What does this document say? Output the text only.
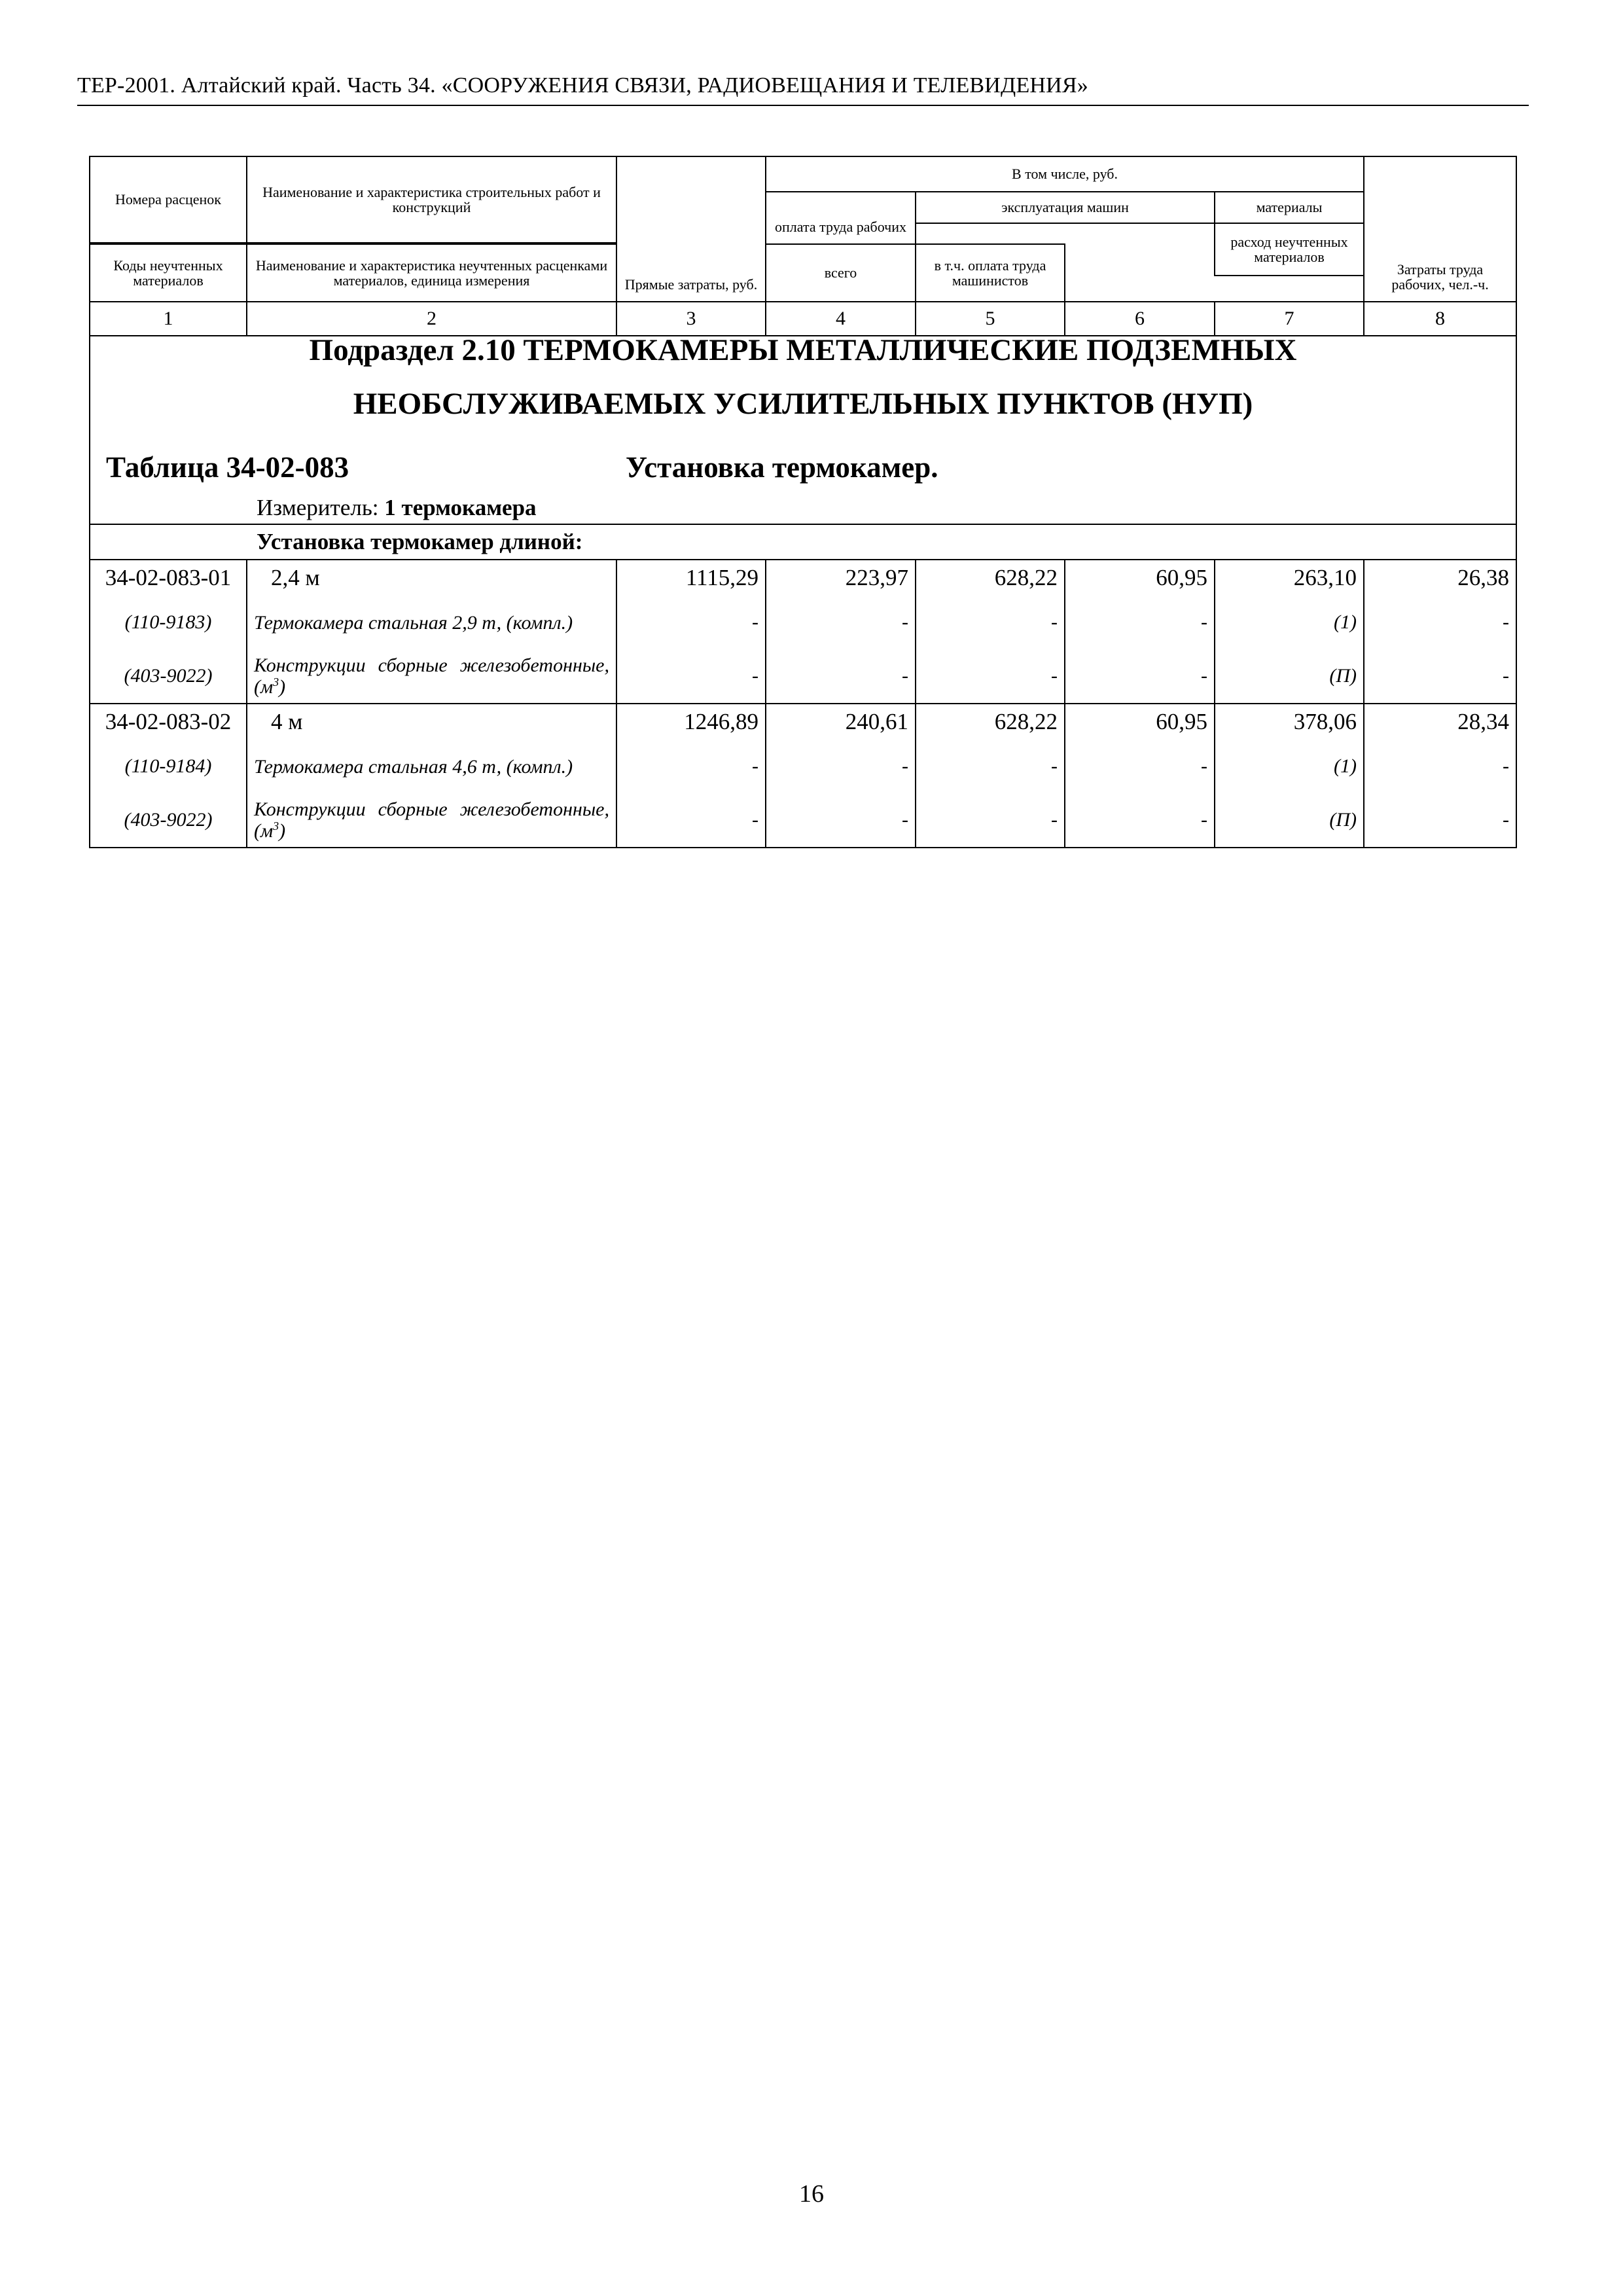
ТЕР-2001. Алтайский край. Часть 34. «СООРУЖЕНИЯ СВЯЗИ, РАДИОВЕЩАНИЯ И ТЕЛЕВИДЕНИЯ»
Номера расценок	Наименование и характеристика строительных работ и конструкций	Прямые затраты, руб.	В том числе, руб.				Затраты труда рабочих, чел.-ч.
			оплата труда рабочих	эксплуатация машин		материалы	
						расход неучтенных материалов	

Коды неучтенных материалов	Наименование и характеристика неучтенных расценками материалов, единица измерения		всего	в т.ч. оплата труда машинистов			

1	2	3	4	5	6	7	8

Подраздел 2.10 ТЕРМОКАМЕРЫ МЕТАЛЛИЧЕСКИЕ ПОДЗЕМНЫХ
НЕОБСЛУЖИВАЕМЫХ УСИЛИТЕЛЬНЫХ ПУНКТОВ (НУП)
Таблица 34-02-083 Установка термокамер.
Измеритель: 1 термокамера							

Установка термокамер длиной:							
34-02-083-01	2,4 м	1115,29	223,97	628,22	60,95	263,10	26,38
(110-9183)	Термокамера стальная 2,9 т, (компл.)	-	-	-	-	(1)	-
(403-9022)	Конструкции сборные железобетонные, $(м^3)$	-	-	-	-	(П)	-
34-02-083-02	4 м	1246,89	240,61	628,22	60,95	378,06	28,34
(110-9184)	Термокамера стальная 4,6 т, (компл.)	-	-	-	-	(1)	-
(403-9022)	Конструкции сборные железобетонные, $(м^3)$	-	-	-	-	(П)	-
16
